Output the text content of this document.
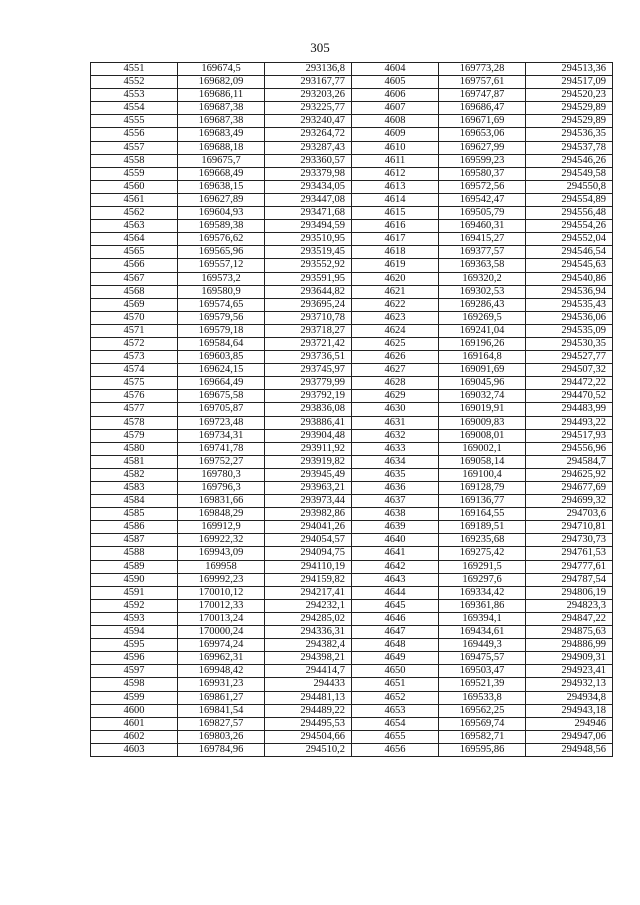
305
4551	169674,5	293136,8	4604	169773,28	294513,36
4552	169682,09	293167,77	4605	169757,61	294517,09
4553	169686,11	293203,26	4606	169747,87	294520,23
4554	169687,38	293225,77	4607	169686,47	294529,89
4555	169687,38	293240,47	4608	169671,69	294529,89
4556	169683,49	293264,72	4609	169653,06	294536,35
4557	169688,18	293287,43	4610	169627,99	294537,78
4558	169675,7	293360,57	4611	169599,23	294546,26
4559	169668,49	293379,98	4612	169580,37	294549,58
4560	169638,15	293434,05	4613	169572,56	294550,8
4561	169627,89	293447,08	4614	169542,47	294554,89
4562	169604,93	293471,68	4615	169505,79	294556,48
4563	169589,38	293494,59	4616	169460,31	294554,26
4564	169576,62	293510,95	4617	169415,27	294552,04
4565	169565,96	293519,45	4618	169377,57	294546,54
4566	169557,12	293552,92	4619	169363,58	294545,63
4567	169573,2	293591,95	4620	169320,2	294540,86
4568	169580,9	293644,82	4621	169302,53	294536,94
4569	169574,65	293695,24	4622	169286,43	294535,43
4570	169579,56	293710,78	4623	169269,5	294536,06
4571	169579,18	293718,27	4624	169241,04	294535,09
4572	169584,64	293721,42	4625	169196,26	294530,35
4573	169603,85	293736,51	4626	169164,8	294527,77
4574	169624,15	293745,97	4627	169091,69	294507,32
4575	169664,49	293779,99	4628	169045,96	294472,22
4576	169675,58	293792,19	4629	169032,74	294470,52
4577	169705,87	293836,08	4630	169019,91	294483,99
4578	169723,48	293886,41	4631	169009,83	294493,22
4579	169734,31	293904,48	4632	169008,01	294517,93
4580	169741,78	293911,92	4633	169002,1	294556,96
4581	169752,27	293919,82	4634	169058,14	294584,7
4582	169780,3	293945,49	4635	169100,4	294625,92
4583	169796,3	293963,21	4636	169128,79	294677,69
4584	169831,66	293973,44	4637	169136,77	294699,32
4585	169848,29	293982,86	4638	169164,55	294703,6
4586	169912,9	294041,26	4639	169189,51	294710,81
4587	169922,32	294054,57	4640	169235,68	294730,73
4588	169943,09	294094,75	4641	169275,42	294761,53
4589	169958	294110,19	4642	169291,5	294777,61
4590	169992,23	294159,82	4643	169297,6	294787,54
4591	170010,12	294217,41	4644	169334,42	294806,19
4592	170012,33	294232,1	4645	169361,86	294823,3
4593	170013,24	294285,02	4646	169394,1	294847,22
4594	170000,24	294336,31	4647	169434,61	294875,63
4595	169974,24	294382,4	4648	169449,3	294886,99
4596	169962,31	294398,21	4649	169475,57	294909,31
4597	169948,42	294414,7	4650	169503,47	294923,41
4598	169931,23	294433	4651	169521,39	294932,13
4599	169861,27	294481,13	4652	169533,8	294934,8
4600	169841,54	294489,22	4653	169562,25	294943,18
4601	169827,57	294495,53	4654	169569,74	294946
4602	169803,26	294504,66	4655	169582,71	294947,06
4603	169784,96	294510,2	4656	169595,86	294948,56
